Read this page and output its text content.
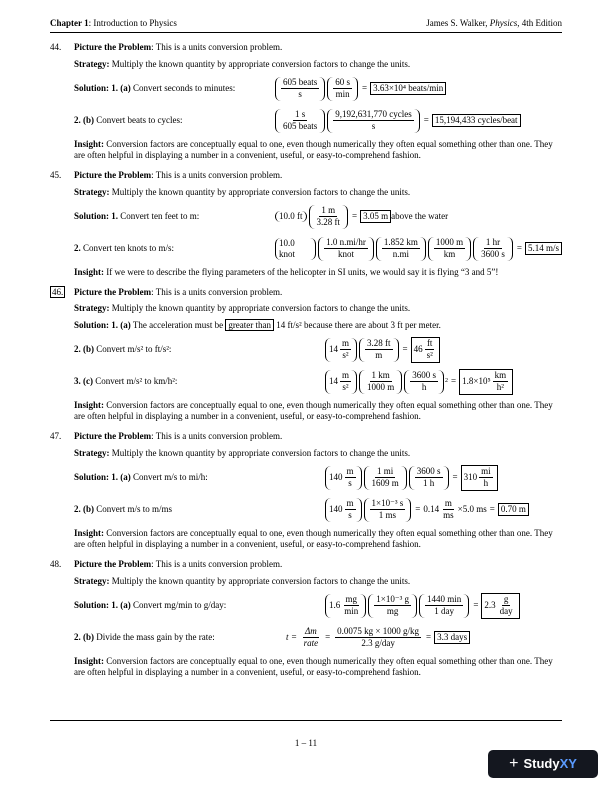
Chapter 1: Introduction to Physics	James S. Walker, Physics, 4th Edition
44.	Picture the Problem: This is a units conversion problem.
Strategy: Multiply the known quantity by appropriate conversion factors to change the units.
Solution: 1. (a) Convert seconds to minutes:	$\frac{\text{605 beats}}{s} \frac{60 s}{\min} = 3.63\times 10^4$ beats/min
2. (b) Convert beats to cycles:	$\frac{1 s}{\text{605 beats}} \frac{\text{9,192,631,770 cycles}}{s} = 15,194,433$ cycles/beat
Insight: Conversion factors are conceptually equal to one, even though numerically they often equal something other than one. They are often helpful in displaying a number in a convenient, useful, or easy-to-comprehend fashion.
45.	Picture the Problem: This is a units conversion problem.
Strategy: Multiply the known quantity by appropriate conversion factors to change the units.
Solution: 1. Convert ten feet to m:	10.0 ft	$\frac{1 m}{3.28 ft} = 3.05$ m above the water
2. Convert ten knots to m/s:
10.0 knot	$\frac{1.0 n.mi/hr}{\text{knot}} \frac{1.852 km}{n.mi} \frac{1000 m}{km} \frac{1 hr}{3600 s} = 5.14$ m/s
Insight: If we were to describe the flying parameters of the helicopter in SI units, we would say it is flying “3 and 5”!
46.	Picture the Problem: This is a units conversion problem.
Strategy: Multiply the known quantity by appropriate conversion factors to change the units.
Solution: 1. (a) The acceleration must be greater than 14 ft/s² because there are about 3 ft per meter.
2. (b) Convert m/s² to ft/s²:	$14 \frac{m}{\text{s²}} \frac{3.28 ft}{m} = 46 \frac{ft}{\text{s²}}$
3. (c) Convert m/s² to km/h²:	$14 \frac{m}{\text{s²}} \frac{1 km}{1000 m} \frac{3600 s}{h} 2 = 1.8\times 10^5 \frac{km}{\text{h²}}$
Insight: Conversion factors are conceptually equal to one, even though numerically they often equal something other than one. They are often helpful in displaying a number in a convenient, useful, or easy-to-comprehend fashion.
47.	Picture the Problem: This is a units conversion problem.
Strategy: Multiply the known quantity by appropriate conversion factors to change the units.
Solution: 1. (a) Convert m/s to mi/h:	$140 \frac{m}{s} \frac{1 mi}{1609 m} \frac{3600 s}{1 h} = 310 \frac{mi}{h}$
2. (b) Convert m/s to m/ms	$140 \frac{m}{s} \frac{\text{1×10⁻³ s}}{1 ms} = 0.14 \frac{m}{ms} \times 5.0$ ms = 0.70 m
Insight: Conversion factors are conceptually equal to one, even though numerically they often equal something other than one. They are often helpful in displaying a number in a convenient, useful, or easy-to-comprehend fashion.
48.	Picture the Problem: This is a units conversion problem.
Strategy: Multiply the known quantity by appropriate conversion factors to change the units.
Solution: 1. (a) Convert mg/min to g/day:	$1.6 \frac{mg}{\min} \frac{\text{1×10⁻³ g}}{mg} \frac{1440 \min}{\text{1 day}} = 2.3 \frac{g}{\text{day}}$
2. (b) Divide the mass gain by the rate:	$t = \frac{\Delta m}{\text{rate}} = \frac{0.0075 kg \times 1000 g/kg}{\text{2.3 g/day}} = 3.3$ days
Insight: Conversion factors are conceptually equal to one, even though numerically they often equal something other than one. They are often helpful in displaying a number in a convenient, useful, or easy-to-comprehend fashion.
1 – 11
+ Study XY
